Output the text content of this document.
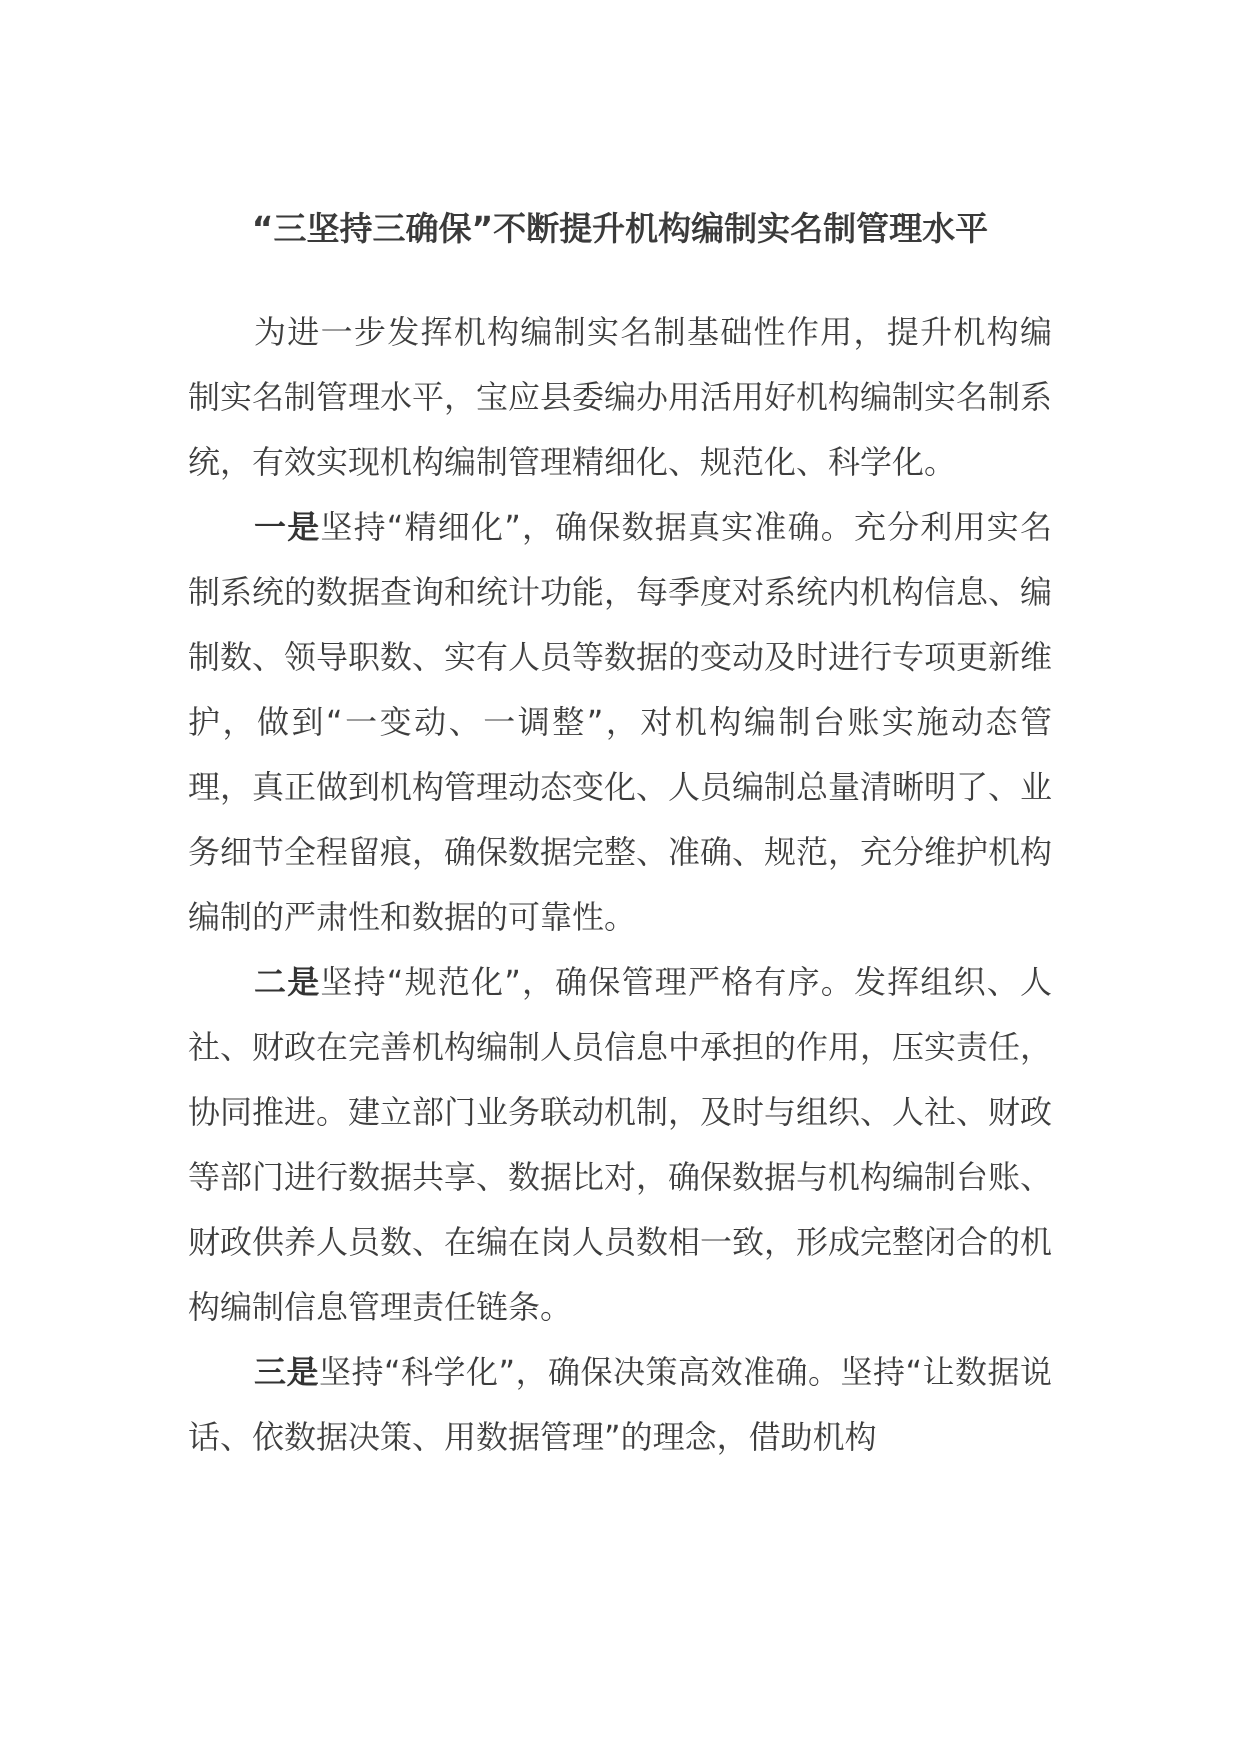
“三坚持三确保”不断提升机构编制实名制管理水平

为进一步发挥机构编制实名制基础性作用，提升机构编制实名制管理水平，宝应县委编办用活用好机构编制实名制系统，有效实现机构编制管理精细化、规范化、科学化。

一是坚持“精细化”，确保数据真实准确。充分利用实名制系统的数据查询和统计功能，每季度对系统内机构信息、编制数、领导职数、实有人员等数据的变动及时进行专项更新维护，做到“一变动、一调整”，对机构编制台账实施动态管理，真正做到机构管理动态变化、人员编制总量清晰明了、业务细节全程留痕，确保数据完整、准确、规范，充分维护机构编制的严肃性和数据的可靠性。

二是坚持“规范化”，确保管理严格有序。发挥组织、人社、财政在完善机构编制人员信息中承担的作用，压实责任，协同推进。建立部门业务联动机制，及时与组织、人社、财政等部门进行数据共享、数据比对，确保数据与机构编制台账、财政供养人员数、在编在岗人员数相一致，形成完整闭合的机构编制信息管理责任链条。

三是坚持“科学化”，确保决策高效准确。坚持“让数据说话、依数据决策、用数据管理”的理念，借助机构
